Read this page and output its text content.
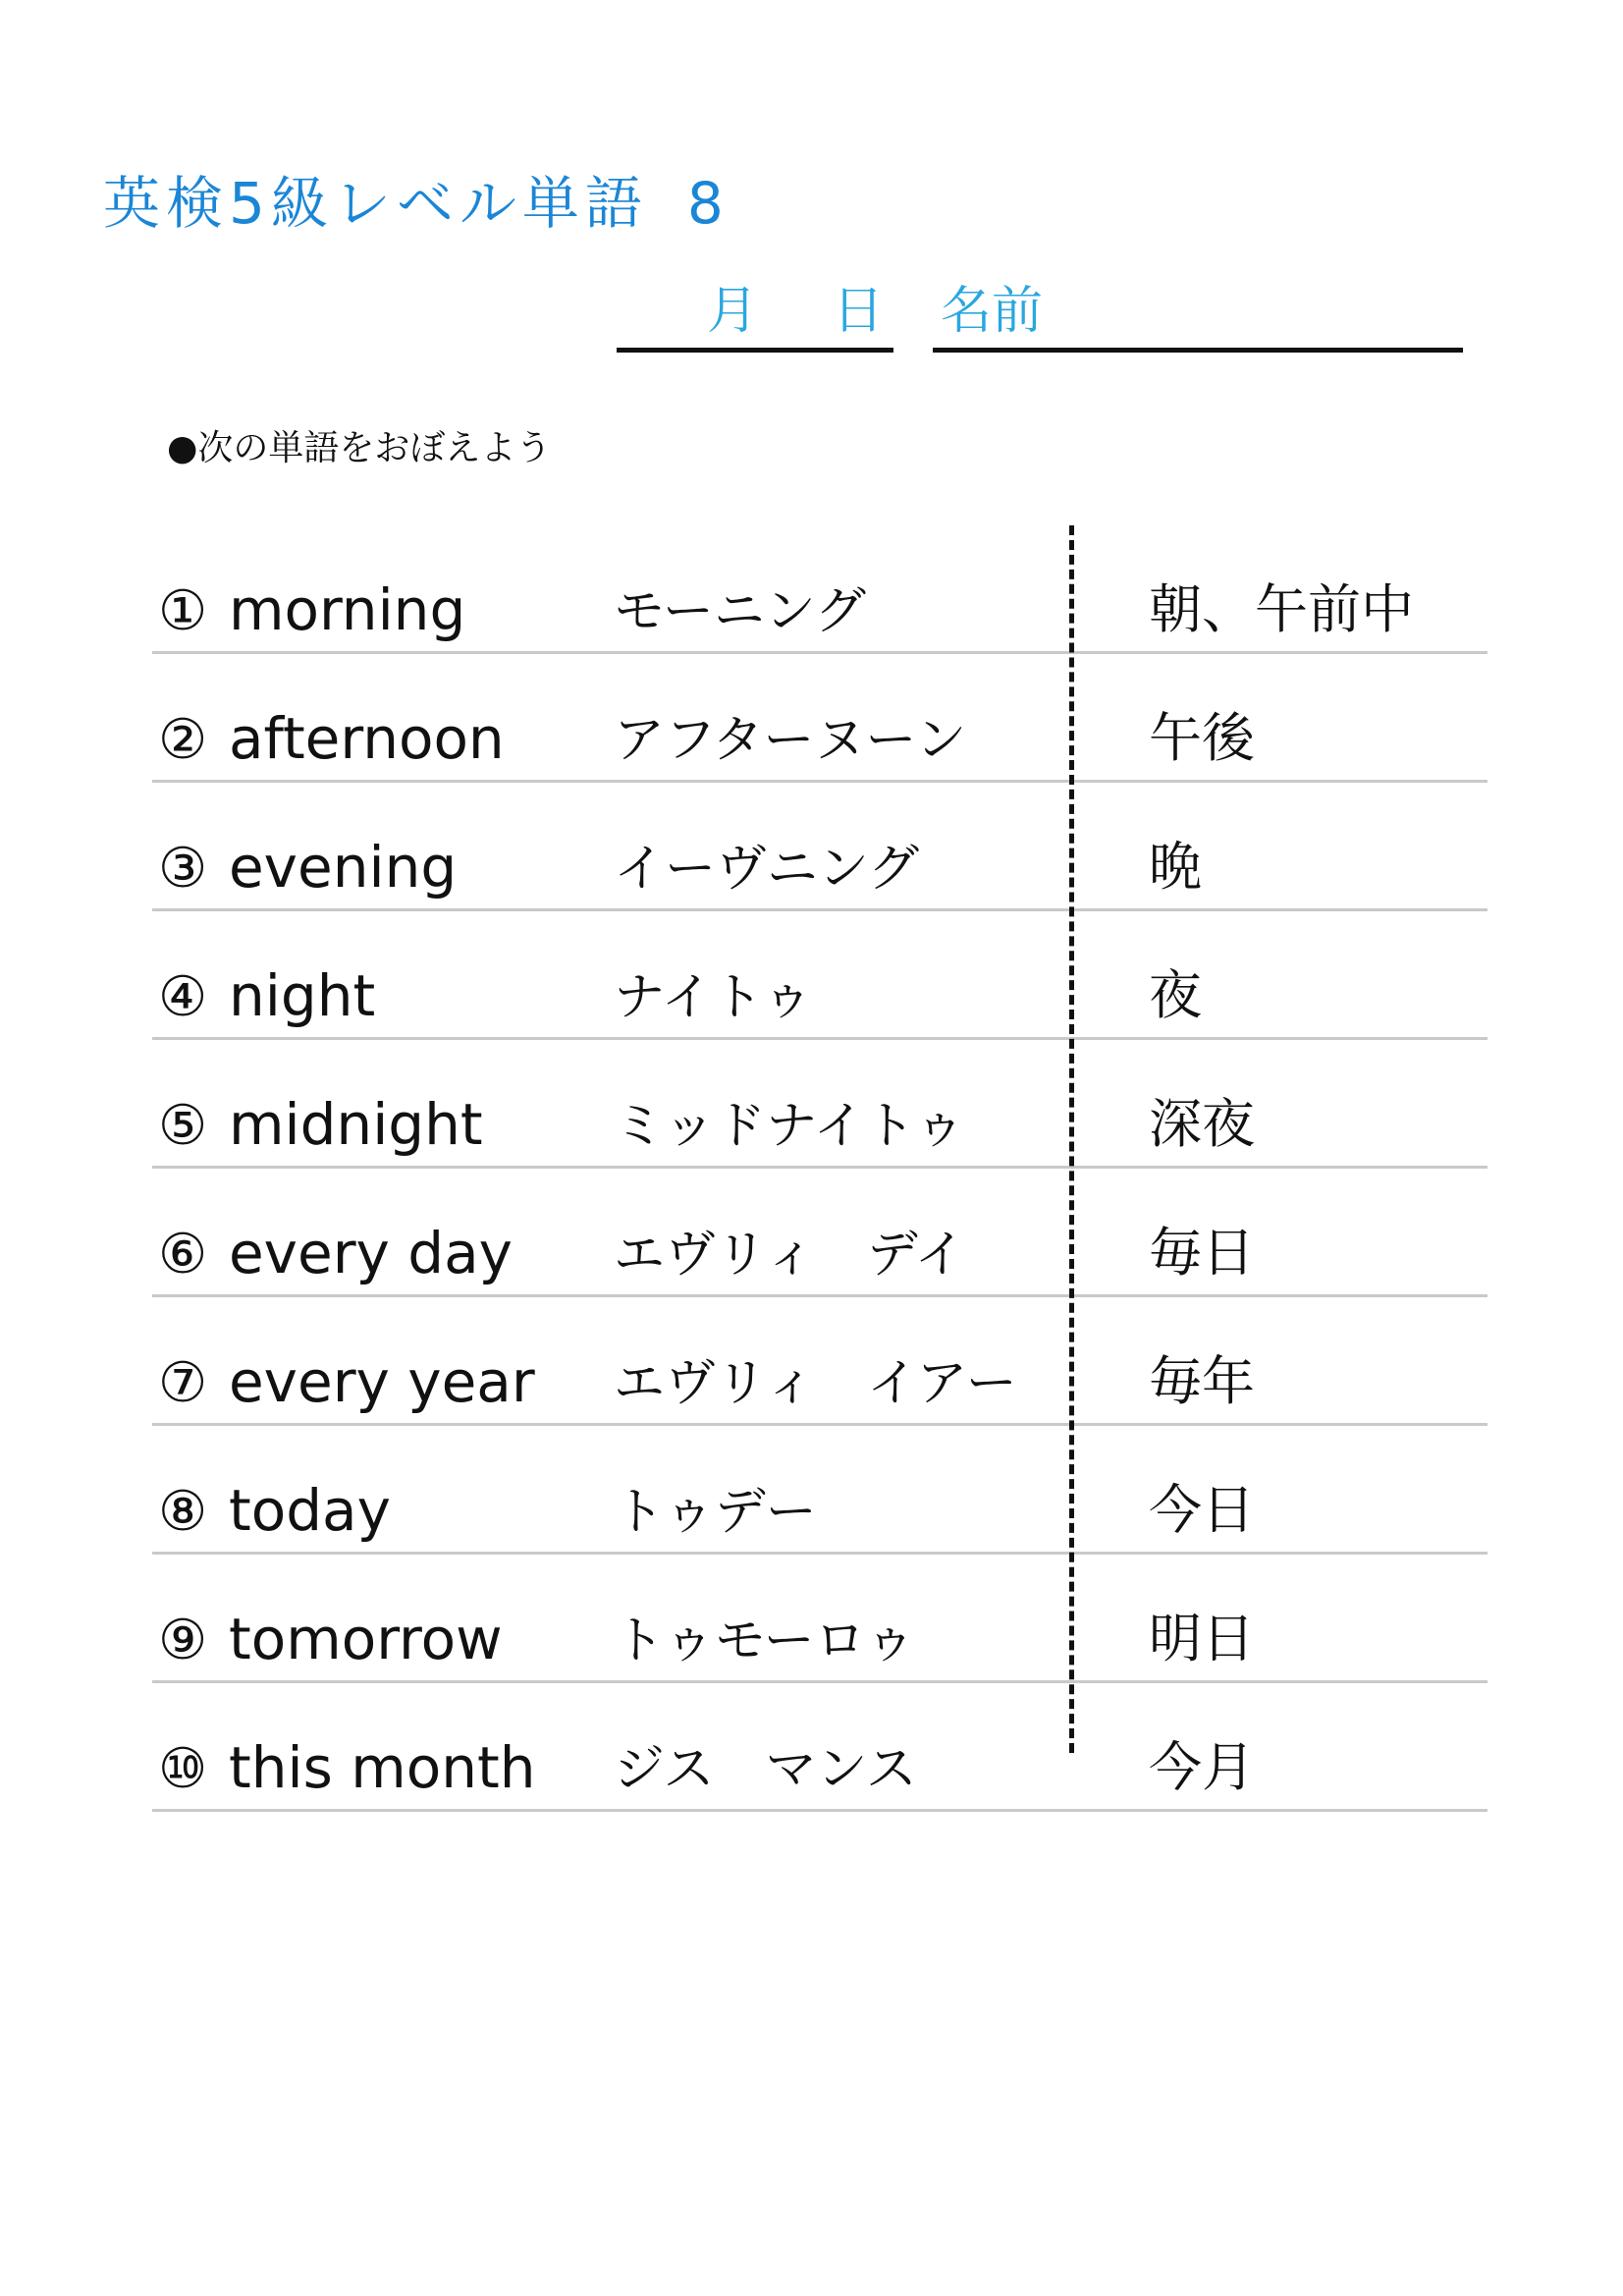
英検5級レベル単語 8
月 日 名前
●次の単語をおぼえよう
① morning	モーニング	朝、午前中
② afternoon アフターヌーン	午後
③ evening	イーヴニング	晩
④ night	ナイトゥ	夜
⑤ midnight	ミッドナイトゥ	深夜
⑥ every day エヴリィ　デイ	毎日
⑦ every year エヴリィ　イアー 毎年
⑧ today	トゥデー	今日
⑨ tomorrow トゥモーロゥ	明日
⑩ this month ジス　マンス	今月
